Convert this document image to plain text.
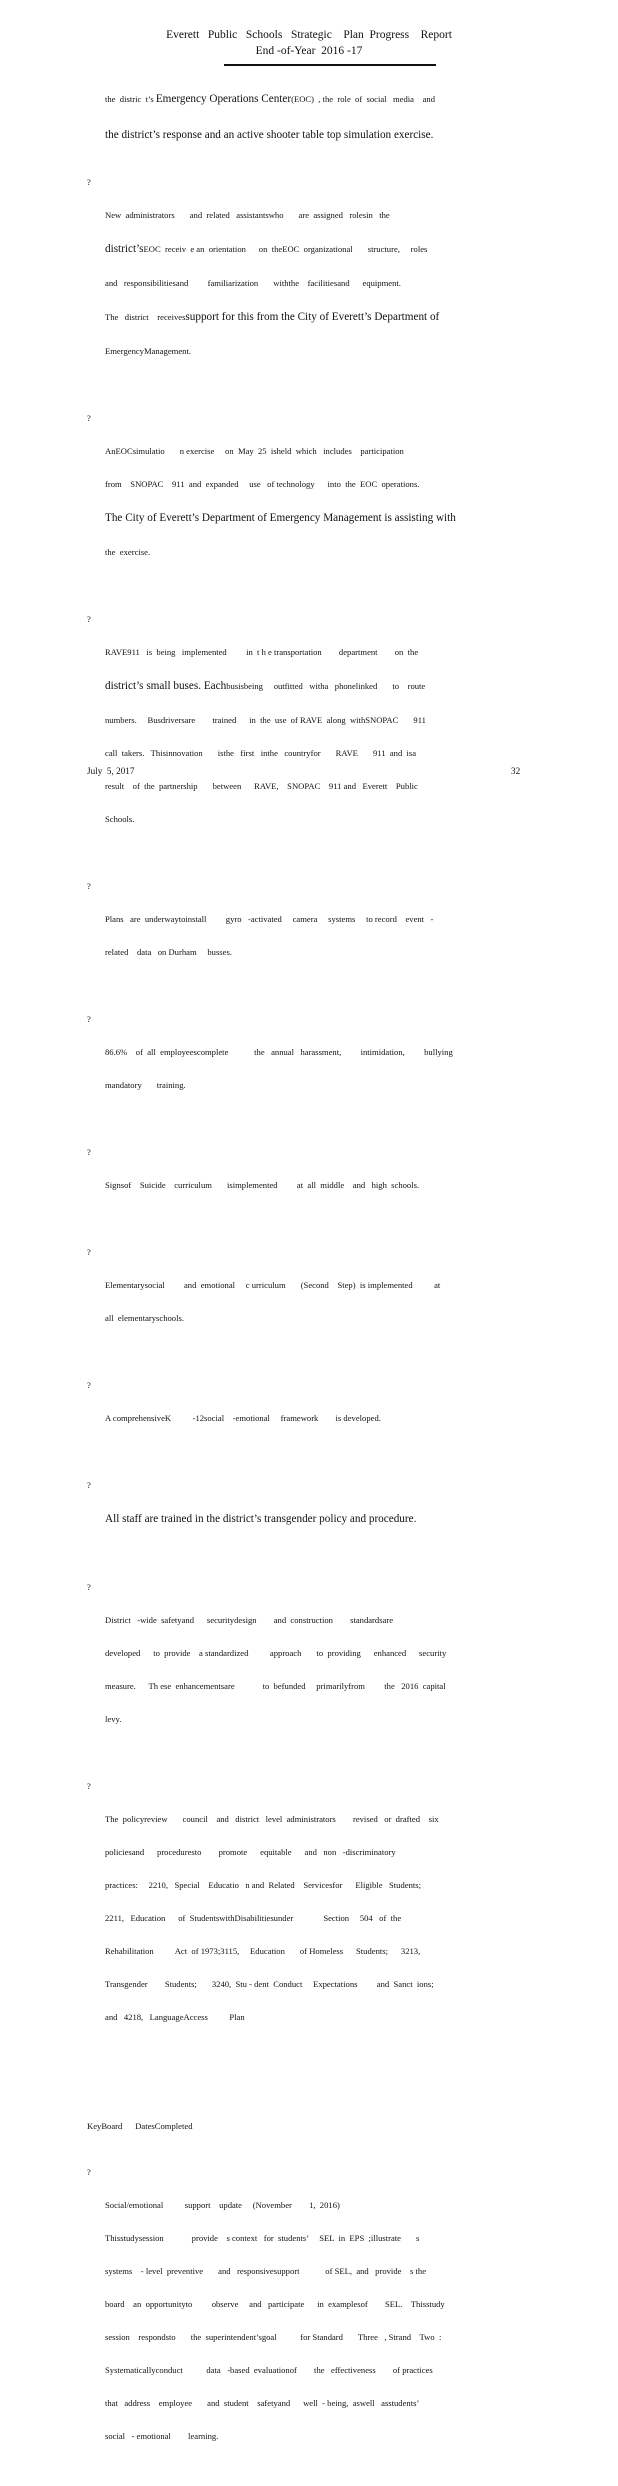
Everett   Public   Schools   Strategic    Plan  Progress    Report
End -of-Year  2016 -17

the  distric  t’s Emergency Operations Center(EOC)  , the  role  of  social   media    and

the district’s response and an active shooter table top simulation exercise.

?

New  administrators       and  related   assistantswho       are  assigned   rolesin   the

district’sEOC  receiv  e an  orientation      on  theEOC  organizational       structure,     roles

and   responsibilitiesand         familiarization       withthe    facilitiesand      equipment.

The   district    receivessupport for this from the City of Everett’s Department of

EmergencyManagement.

?

AnEOCsimulatio       n exercise     on  May  25  isheld  which   includes    participation

from    SNOPAC    911  and  expanded     use   of technology      into  the  EOC  operations.

The City of Everett’s Department of Emergency Management is assisting with

the  exercise.

?

RAVE911   is  being   implemented         in  t h e transportation        department        on  the

district’s small buses. Eachbusisbeing     outfitted   witha   phonelinked       to    route

numbers.     Busdriversare        trained      in  the  use  of RAVE  along  withSNOPAC       911

call  takers.   Thisinnovation       isthe   first   inthe   countryfor       RAVE       911  and  isa

result    of  the  partnership       between      RAVE,    SNOPAC    911 and   Everett    Public

Schools.

?

Plans   are  underwaytoinstall         gyro   -activated     camera     systems     to record    event   -

related    data   on Durham     busses.

?

86.6%    of  all  employeescomplete            the   annual   harassment,         intimidation,         bullying

mandatory       training.

?

Signsof    Suicide    curriculum       isimplemented         at  all  middle    and   high  schools.

?

Elementarysocial         and  emotional     c urriculum       (Second    Step)  is implemented          at

all  elementaryschools.

?

A comprehensiveK          -12social    -emotional     framework        is developed.

?

All staff are trained in the district’s transgender policy and procedure.

?

District   -wide  safetyand      securitydesign        and  construction        standardsare

developed      to  provide    a standardized          approach       to  providing      enhanced      security

measure.      Th ese  enhancementsare             to  befunded     primarilyfrom         the   2016  capital

levy.

?

The  policyreview       council    and   district   level  administrators        revised   or  drafted    six

policiesand      proceduresto        promote      equitable      and   non   -discriminatory

practices:     2210,   Special    Educatio   n and  Related    Servicesfor      Eligible   Students;

2211,   Education      of  StudentswithDisabilitiesunder              Section     504   of  the

Rehabilitation          Act  of 1973;3115,     Education       of Homeless      Students;      3213,

Transgender        Students;       3240,  Stu - dent  Conduct     Expectations         and  Sanct  ions;

and   4218,   LanguageAccess          Plan

KeyBoard      DatesCompleted

?

Social/emotional          support    update     (November        1,  2016)

Thisstudysession             provide    s context   for  students’     SEL  in  EPS  ;illustrate       s

systems    - level  preventive       and   responsivesupport            of SEL,  and   provide    s the

board    an  opportunityto         observe     and   participate      in  examplesof        SEL.    Thisstudy

session    respondsto       the  superintendent’sgoal           for Standard       Three   , Strand    Two  :

Systematicallyconduct           data   -based  evaluationof        the   effectiveness        of practices

that   address    employee       and  student    safetyand      well  - being,  aswell   asstudents’

social   - emotional        learning.

July  5, 2017	32
